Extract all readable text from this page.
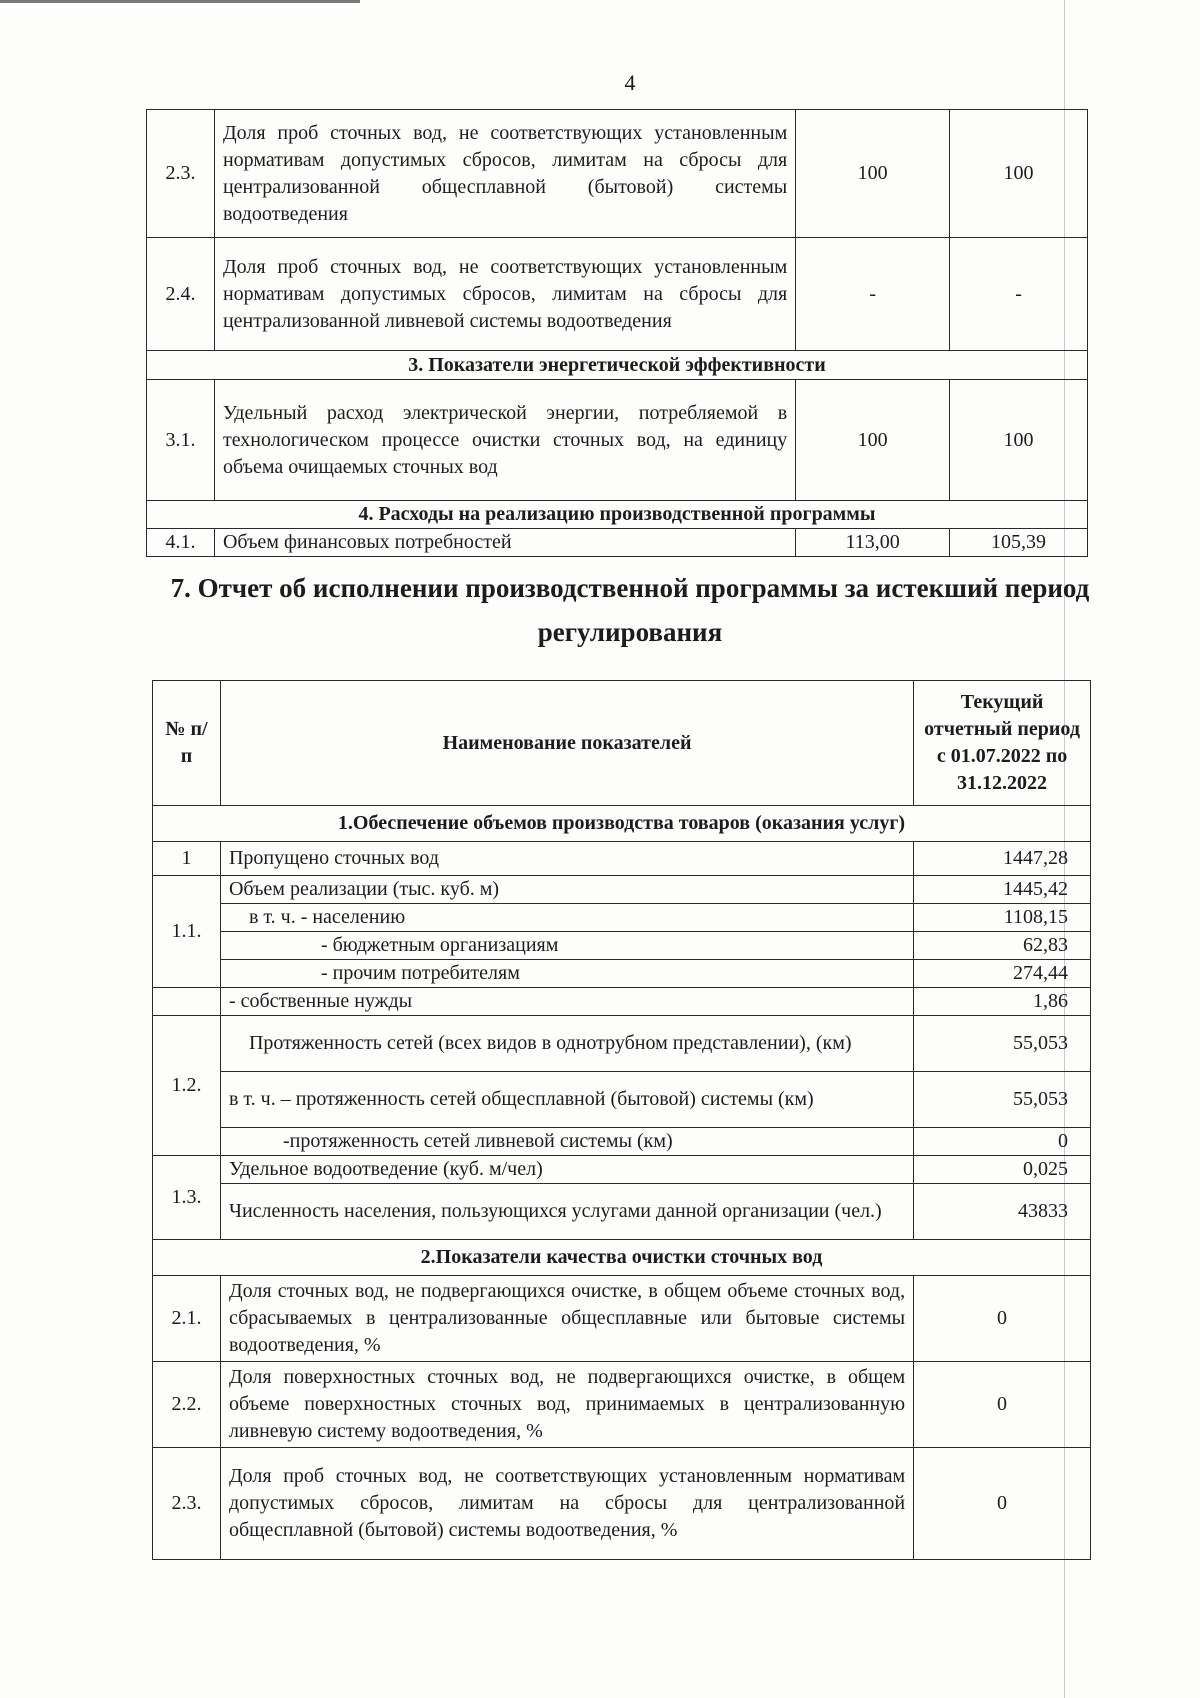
4
2.3.	Доля проб сточных вод, не соответствующих установленным нормативам допустимых сбросов, лимитам на сбросы для централизованной общесплавной (бытовой) системы водоотведения	100	100
2.4.	Доля проб сточных вод, не соответствующих установленным нормативам допустимых сбросов, лимитам на сбросы для централизованной ливневой системы водоотведения	-	-
3. Показатели энергетической эффективности			
3.1.	Удельный расход электрической энергии, потребляемой в технологическом процессе очистки сточных вод, на единицу объема очищаемых сточных вод	100	100
4. Расходы на реализацию производственной программы			
4.1.	Объем финансовых потребностей	113,00	105,39
7. Отчет об исполнении производственной программы за истекший период
регулирования
№ п/п	Наименование показателей	Текущий отчетный период с 01.07.2022 по 31.12.2022
1.Обеспечение объемов производства товаров (оказания услуг)		
1	Пропущено сточных вод	1447,28
1.1.	Объем реализации (тыс. куб. м)	1445,42
	в т. ч. - населению	1108,15
	- бюджетным организациям	62,83
	- прочим потребителям	274,44
	- собственные нужды	1,86
1.2.	Протяженность сетей (всех видов в однотрубном представлении), (км)	55,053
	в т. ч. – протяженность сетей общесплавной (бытовой) системы (км)	55,053
	-протяженность сетей ливневой системы (км)	0
1.3.	Удельное водоотведение (куб. м/чел)	0,025
	Численность населения, пользующихся услугами данной организации (чел.)	43833
2.Показатели качества очистки сточных вод		
2.1.	Доля сточных вод, не подвергающихся очистке, в общем объеме сточных вод, сбрасываемых в централизованные общесплавные или бытовые системы водоотведения, %	0
2.2.	Доля поверхностных сточных вод, не подвергающихся очистке, в общем объеме поверхностных сточных вод, принимаемых в централизованную ливневую систему водоотведения, %	0
2.3.	Доля проб сточных вод, не соответствующих установленным нормативам допустимых сбросов, лимитам на сбросы для централизованной общесплавной (бытовой) системы водоотведения, %	0
